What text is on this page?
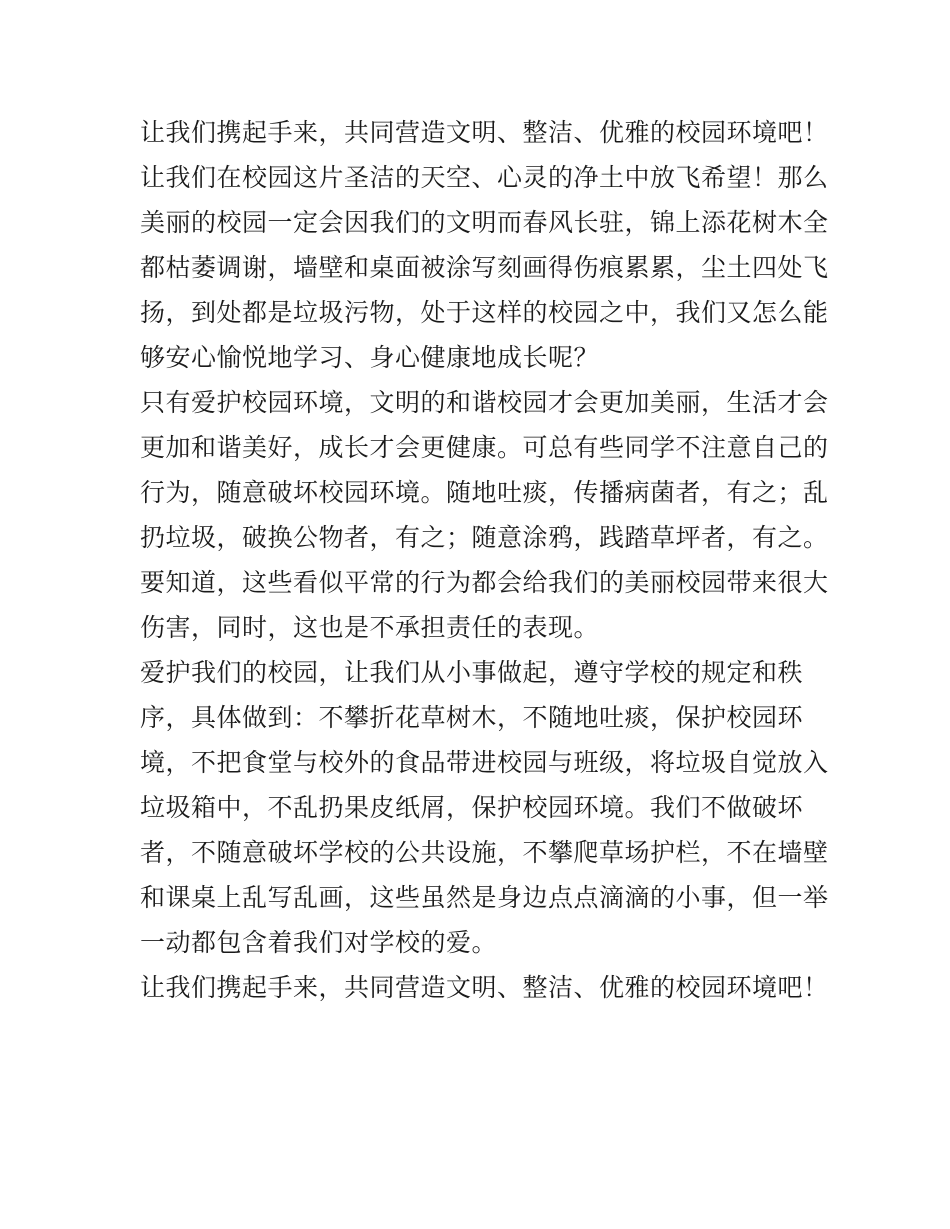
让我们携起手来，共同营造文明、整洁、优雅的校园环境吧！
让我们在校园这片圣洁的天空、心灵的净土中放飞希望！那么
美丽的校园一定会因我们的文明而春风长驻，锦上添花树木全
都枯萎调谢，墙壁和桌面被涂写刻画得伤痕累累，尘土四处飞
扬，到处都是垃圾污物，处于这样的校园之中，我们又怎么能
够安心愉悦地学习、身心健康地成长呢？
只有爱护校园环境，文明的和谐校园才会更加美丽，生活才会
更加和谐美好，成长才会更健康。可总有些同学不注意自己的
行为，随意破坏校园环境。随地吐痰，传播病菌者，有之；乱
扔垃圾，破换公物者，有之；随意涂鸦，践踏草坪者，有之。
要知道，这些看似平常的行为都会给我们的美丽校园带来很大
伤害，同时，这也是不承担责任的表现。
爱护我们的校园，让我们从小事做起，遵守学校的规定和秩
序，具体做到：不攀折花草树木，不随地吐痰，保护校园环
境，不把食堂与校外的食品带进校园与班级，将垃圾自觉放入
垃圾箱中，不乱扔果皮纸屑，保护校园环境。我们不做破坏
者，不随意破坏学校的公共设施，不攀爬草场护栏，不在墙壁
和课桌上乱写乱画，这些虽然是身边点点滴滴的小事，但一举
一动都包含着我们对学校的爱。
让我们携起手来，共同营造文明、整洁、优雅的校园环境吧！
